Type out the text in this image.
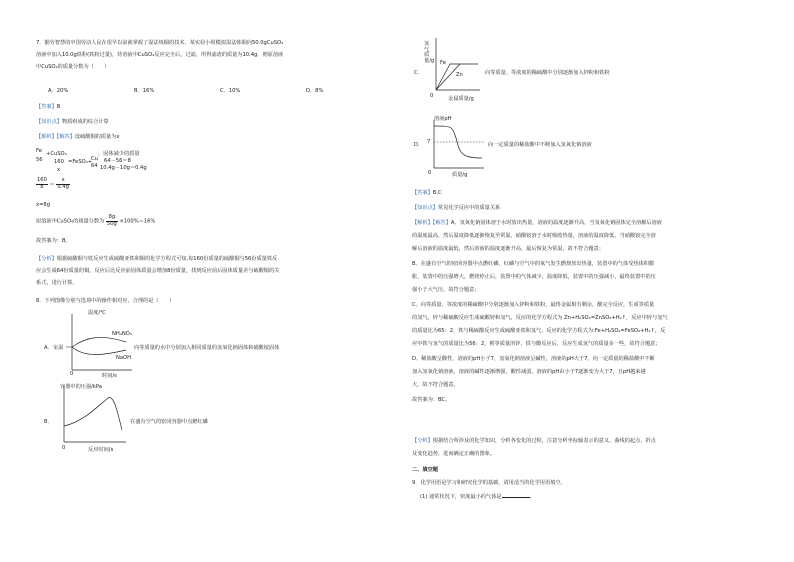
7．勤劳智慧的中国劳动人民在很早以前就掌握了湿法炼铜的技术．某实验小组模拟湿法炼铜向50.0gCuSO₄
溶液中加入10.0g铁粉(铁粉过量)，待溶液中CuSO₄反应完全后，过滤，所得滤渣的质量为10.4g．则原溶液
中CuSO₄的质量分数为（　　）
A．20%	B．16%	C．10%	D．8%
【答案】B
【知识点】物质组成的综合计算
【解析】【解答】设硫酸铜的质量为x
Fe
56
+CuSO₄
160
x
=FeSO₄+
Cu
64
，固体减少的质量
64－56＝8
10.4g－10g＝0.4g
$\frac{160}{8} = \frac{x}{0.4g}$
x=8g
原溶液中CuSO₄的质量分数为 $\frac{8g}{50g} \times 100\%=16\%$
故答案为：B。
【分析】根据硫酸铜与铁反应生成硫酸亚铁和铜的化学方程式可知,每160份质量的硫酸铜与56份质量铁反
应会生成64份质量的铜，反应后比反应前固体质量会增加8份质量，找到反应前后固体质量差与硫酸铜的关
系式，进行计算。
8．下列图像分别与选项中的操作相对应，合理的是（　　）
A． 室温
温度/℃
NH₄NO₃
NaOH
0	时间/s
向等质量的水中分别加入相同质量的氢氧化钠固体和硝酸铵固体
B．
容器中的压强/kPa
0	反应时间/s
在盛有空气的密闭容器中点燃红磷
C．
氢气质量/g Fe
Zn
0	金属质量/g
向等质量、等浓度的稀硫酸中分别逐渐加入锌粉和铁粉
D．
溶液pH
7
0	质量/g
向一定质量的稀盐酸中不断加入氢氧化钠溶液
【答案】B,C
【知识点】常见化学反应中的质量关系
【解析】【解答】A、氢氧化钠固体溶于水时放出热量，溶液的温度逐渐升高，当氢氧化钠固体完全溶解后溶液
的温度最高，然后温度降低逐渐恢复至常温，硝酸铵溶于水时吸收热量，溶液的温度降低，当硝酸铵完全溶
解后溶液的温度最低，然后溶液的温度逐渐升高，最后恢复为常温，故不符合题意；
B、在盛有空气的密闭容器中点燃红磷，红磷与空气中的氧气发生燃烧放出热量，装置中的气体受热体积膨
胀，装置中的压强增大，燃烧停止后，装置中的气体减少，温度降低，装置中的压强减小，最终装置中的压
强小于大气压，故符合题意；
C、向等质量、等浓度的稀硫酸中分别逐渐加入锌粉和铁粉，最终金属相有剩余，酸完全反应，生成等质量
的氢气，锌与稀硫酸反应生成硫酸锌和氢气，反应的化学方程式为 Zn+H₂SO₄=ZnSO₄+H₂↑，反应中锌与氢气
的质量比为65：2，铁与稀硫酸反应生成硫酸亚铁和氢气，反应的化学方程式为:Fe+H₂SO₄=FeSO₄+H₂↑，反
应中铁与氢气的质量比为56：2，则等质量的锌、铁与酸反应后，反应生成氢气的质量多一些，故符合题意；
D、稀盐酸呈酸性，溶液的pH小于7，氢氧化钠溶液呈碱性，溶液的pH大于7，向一定质量的稀盐酸中不断
加入氢氧化钠溶液，溶液的碱性逐渐增强，酸性减弱，溶液的pH由小于7逐渐变为大于7，且pH越来越
大，故不符合题意。
故答案为：BC。
【分析】根据结合所涉及的化学知识，分析各变化的过程，注意分析坐标轴表示的意义、曲线的起点、折点
及变化趋势，进而确定正确的图象。
二、填空题
9．化学用语是学习和研究化学的基础，请用适当的化学用语填空。
(1) 通常状况下，密度最小的气体是	。
